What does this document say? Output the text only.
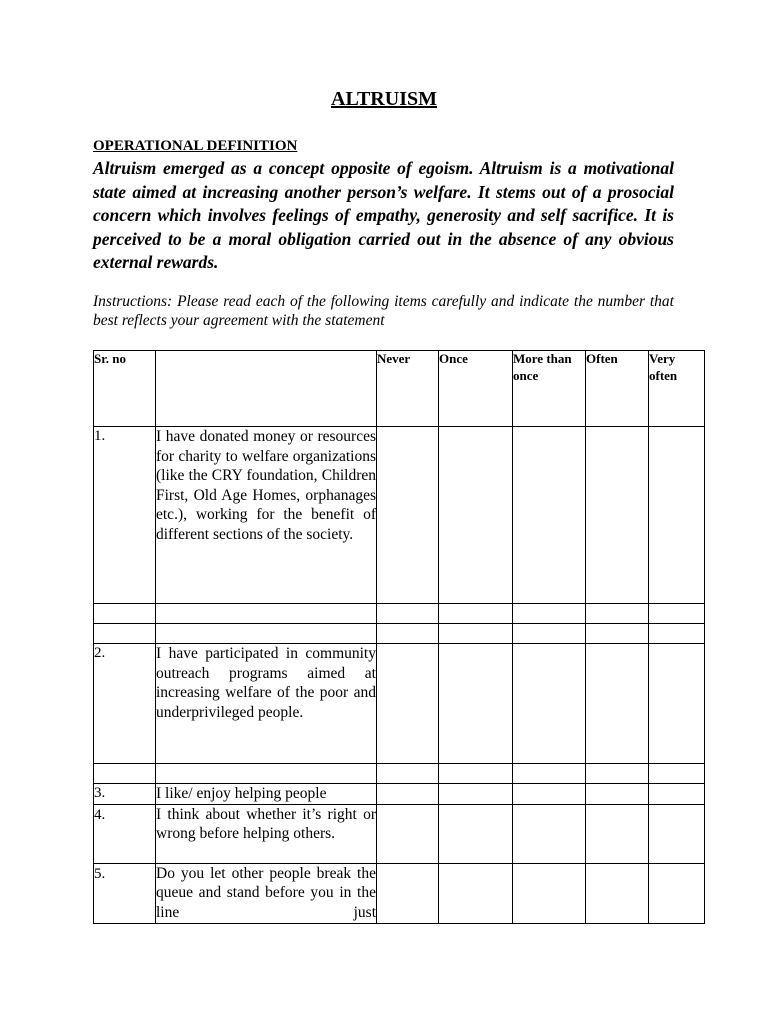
ALTRUISM
OPERATIONAL DEFINITION
Altruism emerged as a concept opposite of egoism. Altruism is a motivational state aimed at increasing another person’s welfare. It stems out of a prosocial concern which involves feelings of empathy, generosity and self sacrifice. It is perceived to be a moral obligation carried out in the absence of any obvious external rewards.
Instructions: Please read each of the following items carefully and indicate the number that best reflects your agreement with the statement
Sr. no		Never	Once	More than once	Often	Very often
1.	I have donated money or resources for charity to welfare organizations (like the CRY foundation, Children First, Old Age Homes, orphanages etc.), working for the benefit of different sections of the society.					

2.	I have participated in community outreach programs aimed at increasing welfare of the poor and underprivileged people.					

3.	I like/ enjoy helping people					
4.	I think about whether it’s right or wrong before helping others.					
5.	Do you let other people break the queue and stand before you in the line just					
